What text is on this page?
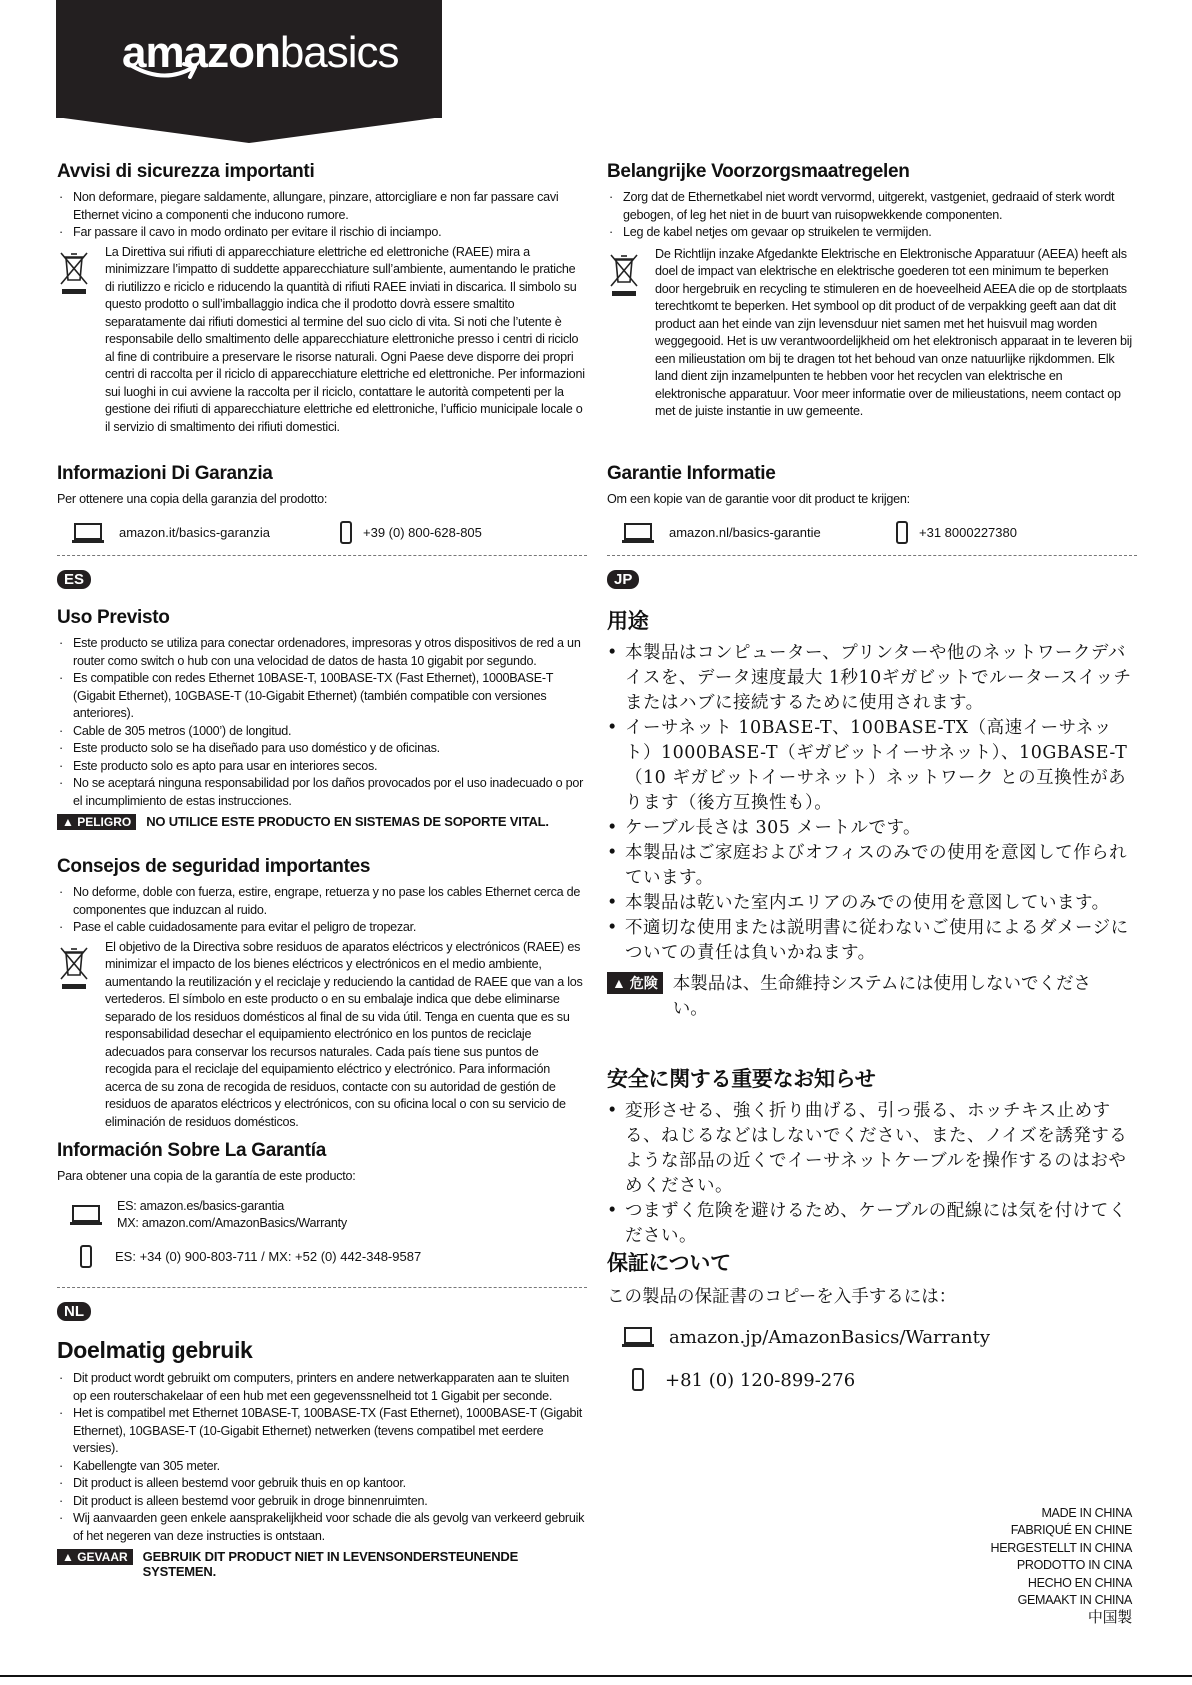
amazonbasics
Avvisi di sicurezza importanti
· Non deformare, piegare saldamente, allungare, pinzare, attorcigliare e non far passare cavi Ethernet vicino a componenti che inducono rumore.
· Far passare il cavo in modo ordinato per evitare il rischio di inciampo.
La Direttiva sui rifiuti di apparecchiature elettriche ed elettroniche (RAEE) mira a minimizzare l’impatto di suddette apparecchiature sull’ambiente, aumentando le pratiche di riutilizzo e riciclo e riducendo la quantità di rifiuti RAEE inviati in discarica. Il simbolo su questo prodotto o sull’imballaggio indica che il prodotto dovrà essere smaltito separatamente dai rifiuti domestici al termine del suo ciclo di vita. Si noti che l’utente è responsabile dello smaltimento delle apparecchiature elettroniche presso i centri di riciclo al fine di contribuire a preservare le risorse naturali. Ogni Paese deve disporre dei propri centri di raccolta per il riciclo di apparecchiature elettriche ed elettroniche. Per informazioni sui luoghi in cui avviene la raccolta per il riciclo, contattare le autorità competenti per la gestione dei rifiuti di apparecchiature elettriche ed elettroniche, l’ufficio municipale locale o il servizio di smaltimento dei rifiuti domestici.
Informazioni Di Garanzia
Per ottenere una copia della garanzia del prodotto:
amazon.it/basics-garanzia	+39 (0) 800-628-805
ES
Uso Previsto
· Este producto se utiliza para conectar ordenadores, impresoras y otros dispositivos de red a un router como switch o hub con una velocidad de datos de hasta 10 gigabit por segundo.
· Es compatible con redes Ethernet 10BASE-T, 100BASE-TX (Fast Ethernet), 1000BASE-T (Gigabit Ethernet), 10GBASE-T (10-Gigabit Ethernet) (también compatible con versiones anteriores).
· Cable de 305 metros (1000’) de longitud.
· Este producto solo se ha diseñado para uso doméstico y de oficinas.
· Este producto solo es apto para usar en interiores secos.
· No se aceptará ninguna responsabilidad por los daños provocados por el uso inadecuado o por el incumplimiento de estas instrucciones.
▲ PELIGRO	NO UTILICE ESTE PRODUCTO EN SISTEMAS DE SOPORTE VITAL.
Consejos de seguridad importantes
· No deforme, doble con fuerza, estire, engrape, retuerza y no pase los cables Ethernet cerca de componentes que induzcan al ruido.
· Pase el cable cuidadosamente para evitar el peligro de tropezar.
El objetivo de la Directiva sobre residuos de aparatos eléctricos y electrónicos (RAEE) es minimizar el impacto de los bienes eléctricos y electrónicos en el medio ambiente, aumentando la reutilización y el reciclaje y reduciendo la cantidad de RAEE que van a los vertederos. El símbolo en este producto o en su embalaje indica que debe eliminarse separado de los residuos domésticos al final de su vida útil. Tenga en cuenta que es su responsabilidad desechar el equipamiento electrónico en los puntos de reciclaje adecuados para conservar los recursos naturales. Cada país tiene sus puntos de recogida para el reciclaje del equipamiento eléctrico y electrónico. Para información acerca de su zona de recogida de residuos, contacte con su autoridad de gestión de residuos de aparatos eléctricos y electrónicos, con su oficina local o con su servicio de eliminación de residuos domésticos.
Información Sobre La Garantía
Para obtener una copia de la garantía de este producto:
ES: amazon.es/basics-garantia
MX: amazon.com/AmazonBasics/Warranty
ES: +34 (0) 900-803-711 / MX: +52 (0) 442-348-9587
NL
Doelmatig gebruik
· Dit product wordt gebruikt om computers, printers en andere netwerkapparaten aan te sluiten op een routerschakelaar of een hub met een gegevenssnelheid tot 1 Gigabit per seconde.
· Het is compatibel met Ethernet 10BASE-T, 100BASE-TX (Fast Ethernet), 1000BASE-T (Gigabit Ethernet), 10GBASE-T (10-Gigabit Ethernet) netwerken (tevens compatibel met eerdere versies).
· Kabellengte van 305 meter.
· Dit product is alleen bestemd voor gebruik thuis en op kantoor.
· Dit product is alleen bestemd voor gebruik in droge binnenruimten.
· Wij aanvaarden geen enkele aansprakelijkheid voor schade die als gevolg van verkeerd gebruik of het negeren van deze instructies is ontstaan.
▲ GEVAAR	GEBRUIK DIT PRODUCT NIET IN LEVENSONDERSTEUNENDE SYSTEMEN.
Belangrijke Voorzorgsmaatregelen
· Zorg dat de Ethernetkabel niet wordt vervormd, uitgerekt, vastgeniet, gedraaid of sterk wordt gebogen, of leg het niet in de buurt van ruisopwekkende componenten.
· Leg de kabel netjes om gevaar op struikelen te vermijden.
De Richtlijn inzake Afgedankte Elektrische en Elektronische Apparatuur (AEEA) heeft als doel de impact van elektrische en elektrische goederen tot een minimum te beperken door hergebruik en recycling te stimuleren en de hoeveelheid AEEA die op de stortplaats terechtkomt te beperken. Het symbool op dit product of de verpakking geeft aan dat dit product aan het einde van zijn levensduur niet samen met het huisvuil mag worden weggegooid. Het is uw verantwoordelijkheid om het elektronisch apparaat in te leveren bij een milieustation om bij te dragen tot het behoud van onze natuurlijke rijkdommen. Elk land dient zijn inzamelpunten te hebben voor het recyclen van elektrische en elektronische apparatuur. Voor meer informatie over de milieustations, neem contact op met de juiste instantie in uw gemeente.
Garantie Informatie
Om een kopie van de garantie voor dit product te krijgen:
amazon.nl/basics-garantie	+31 8000227380
JP
用途
• 本製品はコンピューター、プリンターや他のネットワークデバイスを、データ速度最大 1秒10ギガビットでルータースイッチまたはハブに接続するために使用されます。
• イーサネット 10BASE-T、100BASE-TX（高速イーサネット）1000BASE-T（ギガビットイーサネット）、10GBASE-T（10 ギガビットイーサネット）ネットワーク との互換性があります（後方互換性も）。
• ケーブル長さは 305 メートルです。
• 本製品はご家庭およびオフィスのみでの使用を意図して作られています。
• 本製品は乾いた室内エリアのみでの使用を意図しています。
• 不適切な使用または説明書に従わないご使用によるダメージについての責任は負いかねます。
▲ 危険 本製品は、生命維持システムには使用しないでください。
安全に関する重要なお知らせ
• 変形させる、強く折り曲げる、引っ張る、ホッチキス止めする、ねじるなどはしないでください、また、ノイズを誘発するような部品の近くでイーサネットケーブルを操作するのはおやめください。
• つまずく危険を避けるため、ケーブルの配線には気を付けてください。
保証について
この製品の保証書のコピーを入手するには：
amazon.jp/AmazonBasics/Warranty
+81 (0) 120-899-276
MADE IN CHINA
FABRIQUÉ EN CHINE
HERGESTELLT IN CHINA
PRODOTTO IN CINA
HECHO EN CHINA
GEMAAKT IN CHINA
中国製
